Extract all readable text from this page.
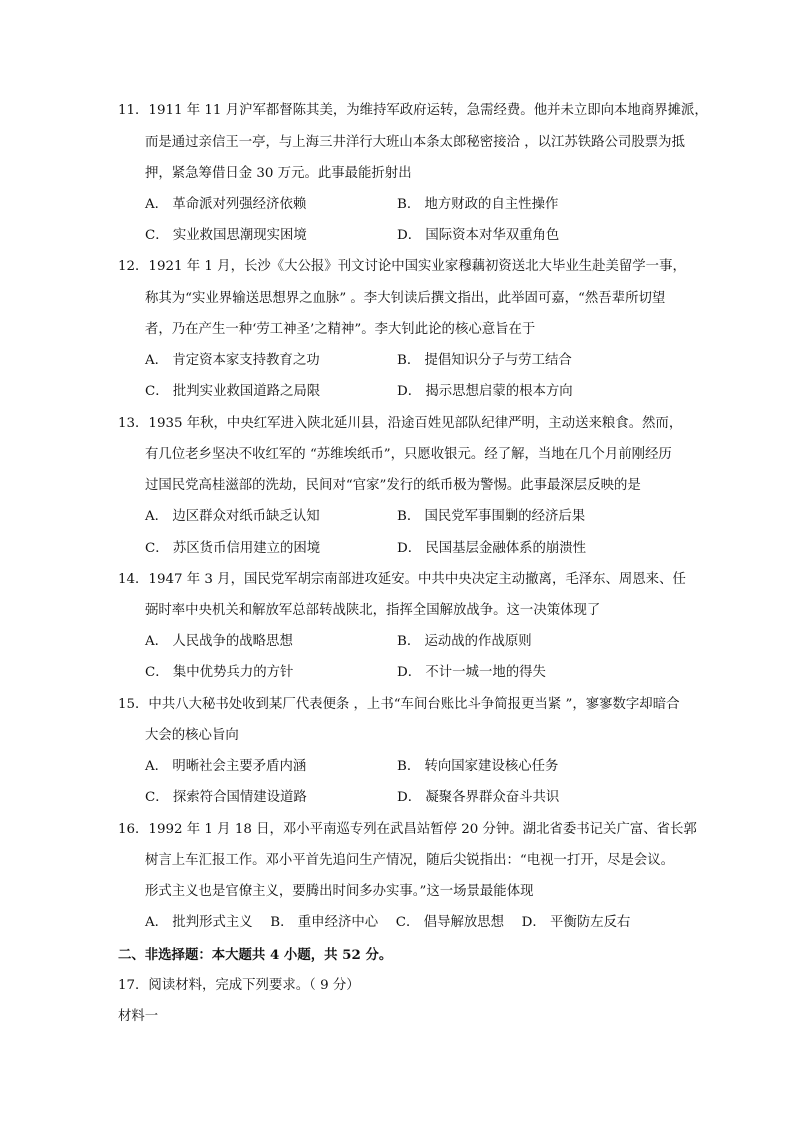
11．1911 年 11 月沪军都督陈其美，为维持军政府运转，急需经费。他并未立即向本地商界摊派，
而是通过亲信王一亭，与上海三井洋行大班山本条太郎秘密接洽 ，以江苏铁路公司股票为抵
押，紧急筹借日金 30 万元。此事最能折射出
A． 革命派对列强经济依赖	B． 地方财政的自主性操作
C． 实业救国思潮现实困境	D． 国际资本对华双重角色
12．1921 年 1 月，长沙《大公报》刊文讨论中国实业家穆藕初资送北大毕业生赴美留学一事，
称其为“实业界输送思想界之血脉” 。李大钊读后撰文指出，此举固可嘉，“然吾辈所切望
者，乃在产生一种‘劳工神圣’之精神”。李大钊此论的核心意旨在于
A． 肯定资本家支持教育之功	B． 提倡知识分子与劳工结合
C． 批判实业救国道路之局限	D． 揭示思想启蒙的根本方向
13．1935 年秋，中央红军进入陕北延川县，沿途百姓见部队纪律严明，主动送来粮食。然而，
有几位老乡坚决不收红军的 “苏维埃纸币”，只愿收银元。经了解，当地在几个月前刚经历
过国民党高桂滋部的洗劫，民间对“官家”发行的纸币极为警惕。此事最深层反映的是
A． 边区群众对纸币缺乏认知	B． 国民党军事围剿的经济后果
C． 苏区货币信用建立的困境	D． 民国基层金融体系的崩溃性
14．1947 年 3 月，国民党军胡宗南部进攻延安。中共中央决定主动撤离，毛泽东、周恩来、任
弼时率中央机关和解放军总部转战陕北，指挥全国解放战争。这一决策体现了
A． 人民战争的战略思想	B． 运动战的作战原则
C． 集中优势兵力的方针	D． 不计一城一地的得失
15．中共八大秘书处收到某厂代表便条 ，上书“车间台账比斗争简报更当紧 ”，寥寥数字却暗合
大会的核心旨向
A． 明晰社会主要矛盾内涵	B． 转向国家建设核心任务
C． 探索符合国情建设道路	D． 凝聚各界群众奋斗共识
16．1992 年 1 月 18 日，邓小平南巡专列在武昌站暂停 20 分钟。湖北省委书记关广富、省长郭
树言上车汇报工作。邓小平首先追问生产情况，随后尖锐指出：“电视一打开，尽是会议。
形式主义也是官僚主义，要腾出时间多办实事。”这一场景最能体现
A． 批判形式主义　 B． 重申经济中心　 C． 倡导解放思想　 D． 平衡防左反右
二、非选择题：本大题共 4 小题，共 52 分。
17．阅读材料，完成下列要求。（ 9 分）
材料一
